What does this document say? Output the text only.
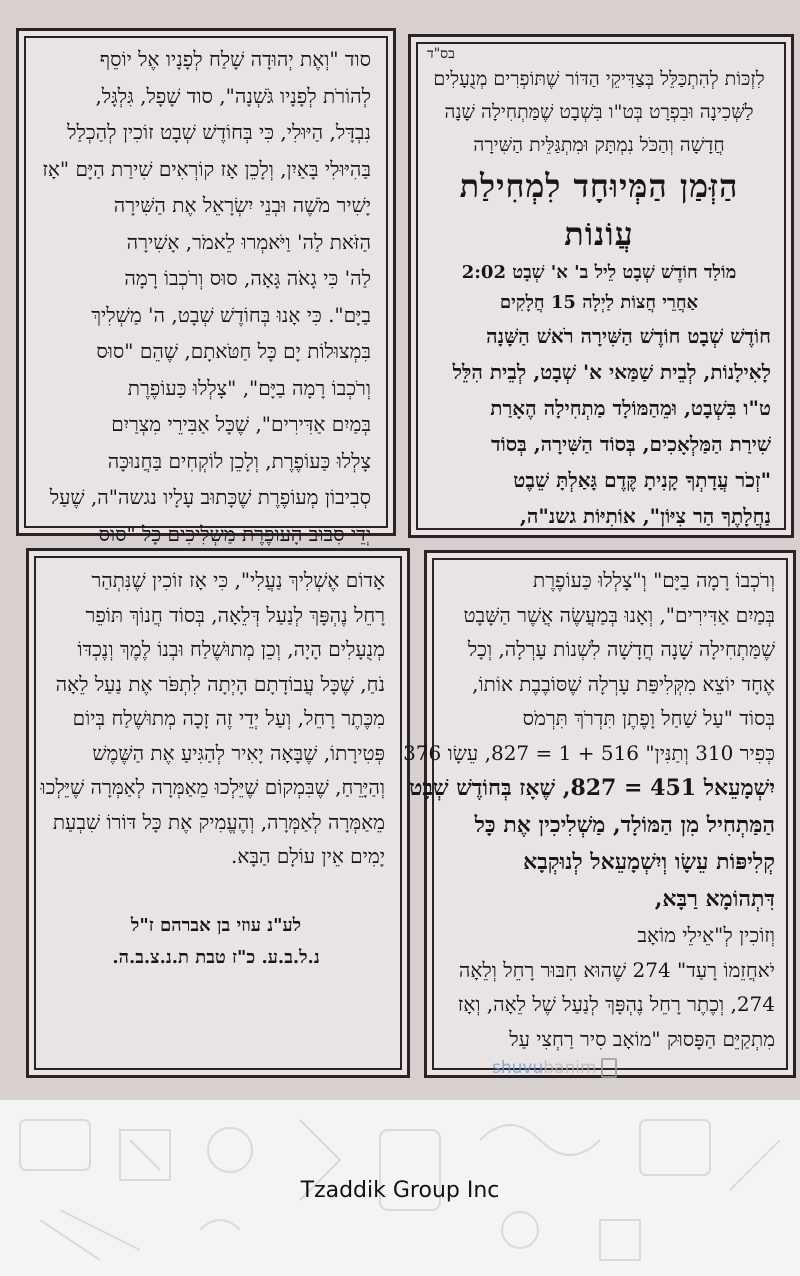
סוד "וְאֶת יְהוּדָה שָׁלַח לְפָנָיו אֶל יוֹסֵף
לְהוֹרֹת לְפָנָיו גֹּשְׁנָה", סוד שָׁפָל, גִּלְגָּל,
נִבְדָּל, הַיּוּלִי, כִּי בְּחוֹדֶשׁ שְׁבָט זוֹכִין לְהַכְלַל
בַּהִיּוּלִי בָּאַיִן, וְלָכֵן אָז קוֹרְאִים שִׁירַת הַיָּם "אָז
יָשִׁיר מֹשֶׁה וּבְנֵי יִשְׂרָאֵל אֶת הַשִּׁירָה
הַזֹּאת לַה' וַיֹּאמְרוּ לֵאמֹר, אָשִׁירָה
לַה' כִּי גָאֹה גָּאָה, סוּס וְרֹכְבוֹ רָמָה
בַיָּם". כִּי אָנוּ בְּחוֹדֶשׁ שְׁבָט, ה' מַשְׁלִיךְ
בִּמְצוּלוֹת יָם כָּל חַטֹּאתָם, שֶׁהֵם "סוּס
וְרֹכְבוֹ רָמָה בַיָּם", "צָלְלוּ כַּעוֹפֶרֶת
בְּמַיִם אַדִּירִים", שֶׁכָּל אַבִּירֵי מִצְרַיִם
צָלְלוּ כַּעוֹפֶרֶת, וְלָכֵן לוֹקְחִים בַּחֲנוּכָּה
סְבִיבוֹן מְעוֹפֶרֶת שֶׁכָּתוּב עָלָיו נגשה"ה, שֶׁעַל
יְדֵי סִבּוּב הָעוֹפֶרֶת מַשְׁלִיכִים כָּל "סוּס
בס"ד
לִזְכּוֹת לְהִתְכַּלֵּל בְּצַדִּיקֵי הַדּוֹר שֶׁתּוֹפְרִים מְנֻעָלִים
לַשְּׁכִינָה וּבִפְרָט בְּט"ו בִּשְׁבָט שֶׁמַּתְחִילָה שָׁנָה
חֲדָשָׁה וְהַכֹּל נִמְתָּק וּמִתְגַּלֵּית הַשִּׁירָה
הַזְּמַן הַמְּיוּחָד לִמְחִילַת עֲוֹנוֹת
מוֹלַד חוֹדֶשׁ שְׁבָט לֵיל ב' א' שְׁבָט 2:02
אַחֲרֵי חֲצוֹת לַיְלָה 15 חֲלָקִים
חוֹדֶשׁ שְׁבָט חוֹדֶשׁ הַשִּׁירָה רֹאשׁ הַשָּׁנָה
לָאִילָנוֹת, לְבֵית שַׁמַּאי א' שְׁבָט, לְבֵית הִלֵּל
ט"ו בִּשְׁבָט, וּמֵהַמּוֹלָד מַתְחִילָה הֶאָרַת
שִׁירַת הַמַּלְאָכִים, בְּסוֹד הַשִּׁירָה, בְּסוֹד
"זְכֹר עֲדָתְךָ קָנִיתָ קֶּדֶם גָּאַלְתָּ שֵׁבֶט
נַחֲלָתֶךָ הַר צִיּוֹן", אוֹתִיּוֹת גשנ"ה,
אָדוֹם אֶשְׁלִיךְ נַעֲלִי", כִּי אָז זוֹכִין שֶׁנִּתְהַר
רָחֵל נֶהְפָּךְ לְנַעַל דְּלֵאָה, בְּסוֹד חֲנוֹךְ תּוֹפֵר
מְנֻעָלִים הָיָה, וְכֵן מְתוּשֶׁלַח וּבְנוֹ לֶמֶךְ וְנֶכְדּוֹ
נֹחַ, שֶׁכָּל עֲבוֹדָתָם הָיְתָה לִתְפֹּר אֶת נַעַל לֵאָה
מִכֶּתֶר רָחֵל, וְעַל יְדֵי זֶה זָכָה מְתוּשֶׁלַח בְּיוֹם
פְּטִירָתוֹ, שֶׁבָּאָה יָאִיר לְהַגִּיעַ אֶת הַשֶּׁמֶשׁ
וְהַיָּרֵחַ, שֶׁבִּמְקוֹם שֶׁיֵּלְכוּ מֵאַמְּרָה לְאַמְּרָה שֶׁיֵּלְכוּ
מֵאַמְּרָה לְאַמְּרָה, וְהֶעֱמִיק אֶת כָּל דּוֹרוֹ שִׁבְעַת
יָמִים אֵין עוֹלָם הַבָּא.
לע"נ עוזי בן אברהם ז"ל
נ.ל.ב.ע. כ"ז טבת ת.נ.צ.ב.ה.
וְרֹכְבוֹ רָמָה בַיָּם" וְ"צָלְלוּ כַּעוֹפֶרֶת
בְּמַיִם אַדִּירִים", וְאָנוּ בְּמַעֲשֶׂה אֲשֶׁר הַשָּׁבָט
שֶׁמַּתְחִילָה שָׁנָה חֲדָשָׁה לִשְׁנוֹת עָרְלָה, וְכָל
אֶחָד יוֹצֵא מִקְּלִיפַּת עָרְלָה שֶׁסּוֹבֶבֶת אוֹתוֹ,
בְּסוֹד "עַל שַׁחַל וָפֶתֶן תִּדְרֹךְ תִּרְמֹס
כְּפִיר 310 וְתַנִּין" 516 + 1 = 827, עֵשָׂו 376
יִשְׁמָעֵאל 451 = 827, שֶׁאָז בְּחוֹדֶשׁ שְׁבָט
הַמַּתְחִיל מִן הַמּוֹלָד, מַשְׁלִיכִין אֶת כָּל
קְלִיפּוֹת עֵשָׂו וְיִשְׁמָעֵאל לְנוּקְבָא
דִּתְהוֹמָא רַבָּא,
וְזוֹכִין לְ"אֵילֵי מוֹאָב
יֹאחֲזֵמוֹ רָעַד" 274 שֶׁהוּא חִבּוּר רָחֵל וְלֵאָה
274, וְכֶתֶר רָחֵל נֶהְפָּךְ לְנַעַל שֶׁל לֵאָה, וְאָז
מִתְקַיֵּם הַפָּסוּק "מוֹאָב סִיר רַחְצִי עַל
shuvubanim
Tzaddik Group Inc
